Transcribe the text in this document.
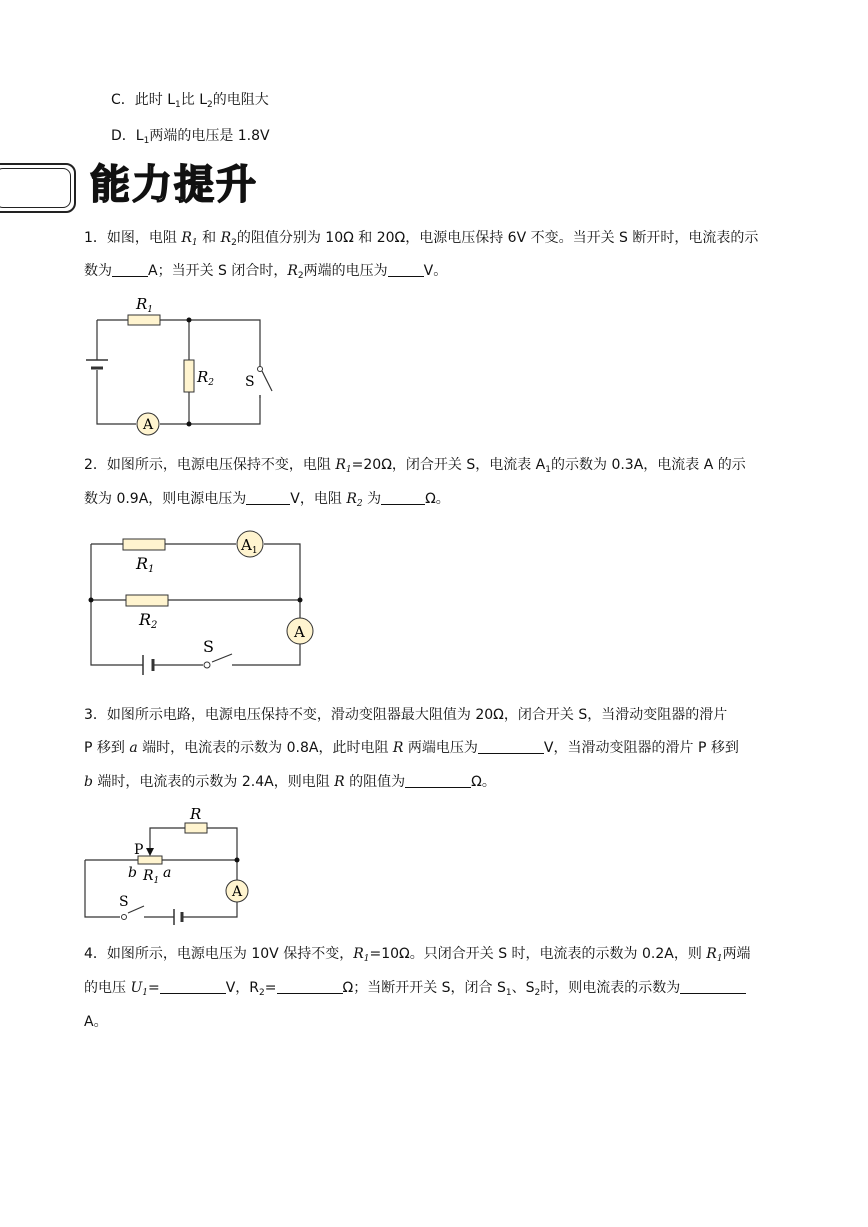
C．此时 $L_1$比 $L_2$的电阻大
D．$L_1$两端的电压是 1.8V
能力提升
1．如图，电阻 $R_1$ 和 $R_2$的阻值分别为 10Ω 和 20Ω，电源电压保持 6V 不变。当开关 S 断开时，电流表的示
数为	A；当开关 S 闭合时，$R_2$两端的电压为	V。
$R_1$
$R_2$ S
A
2．如图所示，电源电压保持不变，电阻 $R_1=20\Omega$，闭合开关 S，电流表 $A_1$的示数为 0.3A，电流表 A 的示
数为 0.9A，则电源电压为	V，电阻 $R_2$ 为	Ω。
R1
R2
$A_1$
A
S
3．如图所示电路，电源电压保持不变，滑动变阻器最大阻值为 20Ω，闭合开关 S，当滑动变阻器的滑片
P 移到 a 端时，电流表的示数为 0.8A，此时电阻 R 两端电压为	V，当滑动变阻器的滑片 P 移到
b 端时，电流表的示数为 2.4A，则电阻 R 的阻值为	Ω。
R
P
b $R_1$ a
A
S
4．如图所示，电源电压为 10V 保持不变，$R_1=10\Omega$。只闭合开关 S 时，电流表的示数为 0.2A，则 $R_1$两端
的电压 $U_1=$	V，$R_2=$	Ω；当断开开关 S，闭合 $S_1$、$S_2$时，则电流表的示数为
A。
